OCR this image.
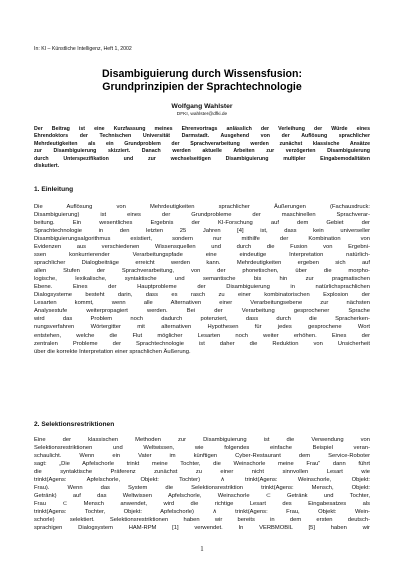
In: KI – Künstliche Intelligenz, Heft 1, 2002
Disambiguierung durch Wissensfusion:
Grundprinzipien der Sprachtechnologie
Wolfgang Wahlster
DFKI, wahlster@dfki.de
Der Beitrag ist eine Kurzfassung meines Ehrenvortrags anlässlich der Verleihung der Würde eines
Ehrendoktors der Technischen Universität Darmstadt. Ausgehend von der Auflösung sprachlicher
Mehrdeutigkeiten als ein Grundproblem der Sprachverarbeitung werden zunächst klassische Ansätze
zur Disambiguierung skizziert. Danach werden aktuelle Arbeiten zur verzögerten Disambiguierung
durch Unterspezifikation und zur wechselseitigen Disambiguierung multipler Eingabemodalitäten
diskutiert.
1. Einleitung
Die Auflösung von Mehrdeutigkeiten sprachlicher Äußerungen (Fachausdruck:
Disambiguierung) ist eines der Grundprobleme der maschinellen Sprachverar-
beitung. Ein wesentliches Ergebnis der KI-Forschung auf dem Gebiet der
Sprachtechnologie in den letzten 25 Jahren [4] ist, dass kein universeller
Disambiguierungsalgorithmus existiert, sondern nur mithilfe der Kombination von
Evidenzen aus verschiedenen Wissensquellen und durch die Fusion von Ergebni-
ssen konkurrierender Verarbeitungspfade eine eindeutige Interpretation natürlich-
sprachlicher Dialogbeiträge erreicht werden kann. Mehrdeutigkeiten ergeben sich auf
allen Stufen der Sprachverarbeitung, von der phonetischen, über die morpho-
logische, lexikalische, syntaktische und semantische bis hin zur pragmatischen
Ebene. Eines der Hauptprobleme der Disambiguierung in natürlichsprachlichen
Dialogsysteme besteht darin, dass es rasch zu einer kombinatorischen Explosion der
Lesarten kommt, wenn alle Alternativen einer Verarbeitungsebene zur nächsten
Analysestufe weiterpropagiert werden. Bei der Verarbeitung gesprochener Sprache
wird das Problem noch dadurch potenziert, dass durch die Spracherken-
nungsverfahren Wörtergitter mit alternativen Hypothesen für jedes gesprochene Wort
entstehen, welche die Flut möglicher Lesarten noch weiter erhöhen. Eines der
zentralen Probleme der Sprachtechnologie ist daher die Reduktion von Unsicherheit
über die korrekte Interpretation einer sprachlichen Äußerung.
2. Selektionsrestriktionen
Eine der klassischen Methoden zur Disambiguierung ist die Verwendung von
Selektionsrestriktionen und Weltwissen, wie folgendes einfache Beispiel veran-
schaulicht. Wenn ein Vater im künftigen Cyber-Restaurant dem Service-Roboter
sagt: „Die Apfelschorle trinkt meine Tochter, die Weinschorle meine Frau“ dann führt
die syntaktische Präferenz zunächst zu einer nicht sinnvollen Lesart wie
trinkt(Agens: Apfelschorle, Objekt: Tochter) ∧ trinkt(Agens: Weinschorle, Objekt:
Frau). Wenn das System die Selektionsrestriktion trinkt(Agens: Mensch, Objekt:
Getränk) auf das Weltwissen Apfelschorle, Weinschorle ⊂ Getränk und Tochter,
Frau ⊂ Mensch anwendet, wird die richtige Lesart des Eingabesatzes als
trinkt(Agens: Tochter, Objekt: Apfelschorle) ∧ trinkt(Agens: Frau, Objekt: Wein-
schorle) selektiert. Selektionsrestriktionen haben wir bereits in dem ersten deutsch-
sprachigen Dialogsystem HAM-RPM [1] verwendet. In VERBMOBIL [5] haben wir
1
